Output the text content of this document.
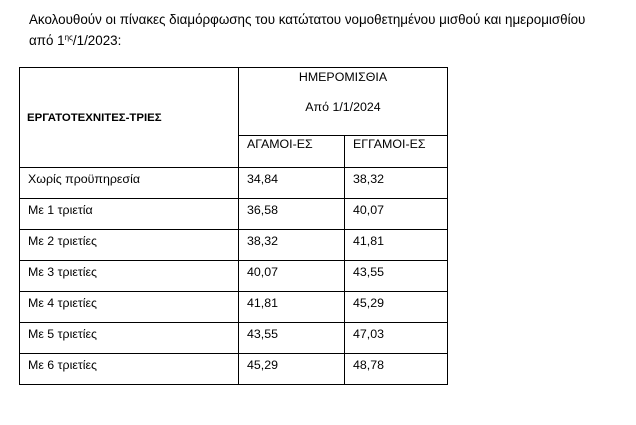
Ακολουθούν οι πίνακες διαμόρφωσης του κατώτατου νομοθετημένου μισθού και ημερομισθίου
από $1^{\eta\varsigma}/1/2023$:

ΕΡΓΑΤΟΤΕΧΝΙΤΕΣ-ΤΡΙΕΣ	ΗΜΕΡΟΜΙΣΘΙΑ
Από 1/1/2024	

	ΑΓΑΜΟΙ-ΕΣ	ΕΓΓΑΜΟΙ-ΕΣ
Χωρίς προϋπηρεσία	34,84	38,32
Με 1 τριετία	36,58	40,07
Με 2 τριετίες	38,32	41,81
Με 3 τριετίες	40,07	43,55
Με 4 τριετίες	41,81	45,29
Με 5 τριετίες	43,55	47,03
Με 6 τριετίες	45,29	48,78
